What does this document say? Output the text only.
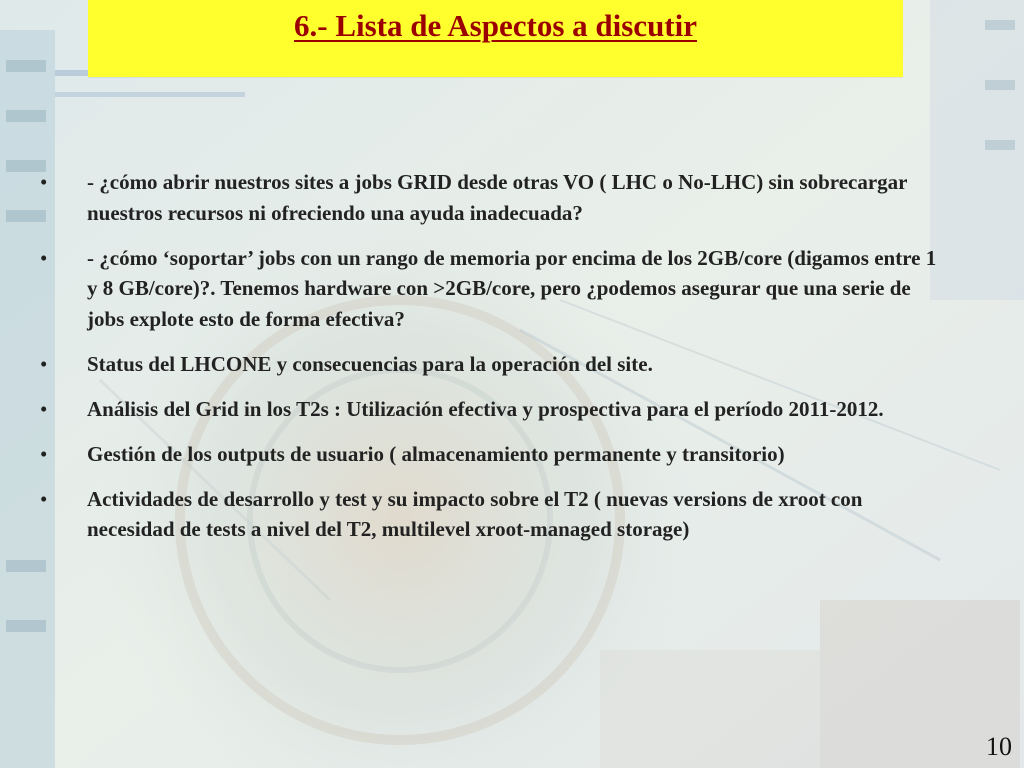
6.- Lista de Aspectos a discutir
• - ¿cómo abrir nuestros sites a jobs GRID desde otras VO ( LHC o No-LHC) sin sobrecargar nuestros recursos ni ofreciendo una ayuda inadecuada?
• - ¿cómo ‘soportar’ jobs con un rango de memoria por encima de los 2GB/core (digamos entre 1 y 8 GB/core)?. Tenemos hardware con >2GB/core, pero ¿podemos asegurar que una serie de jobs explote esto de forma efectiva?
• Status del LHCONE y consecuencias para la operación del site.
• Análisis del Grid in los T2s : Utilización efectiva y prospectiva para el período 2011-2012.
• Gestión de los outputs de usuario ( almacenamiento permanente y transitorio)
• Actividades de desarrollo y test y su impacto sobre el T2 ( nuevas versions de xroot con necesidad de tests a nivel del T2, multilevel xroot-managed storage)
10
